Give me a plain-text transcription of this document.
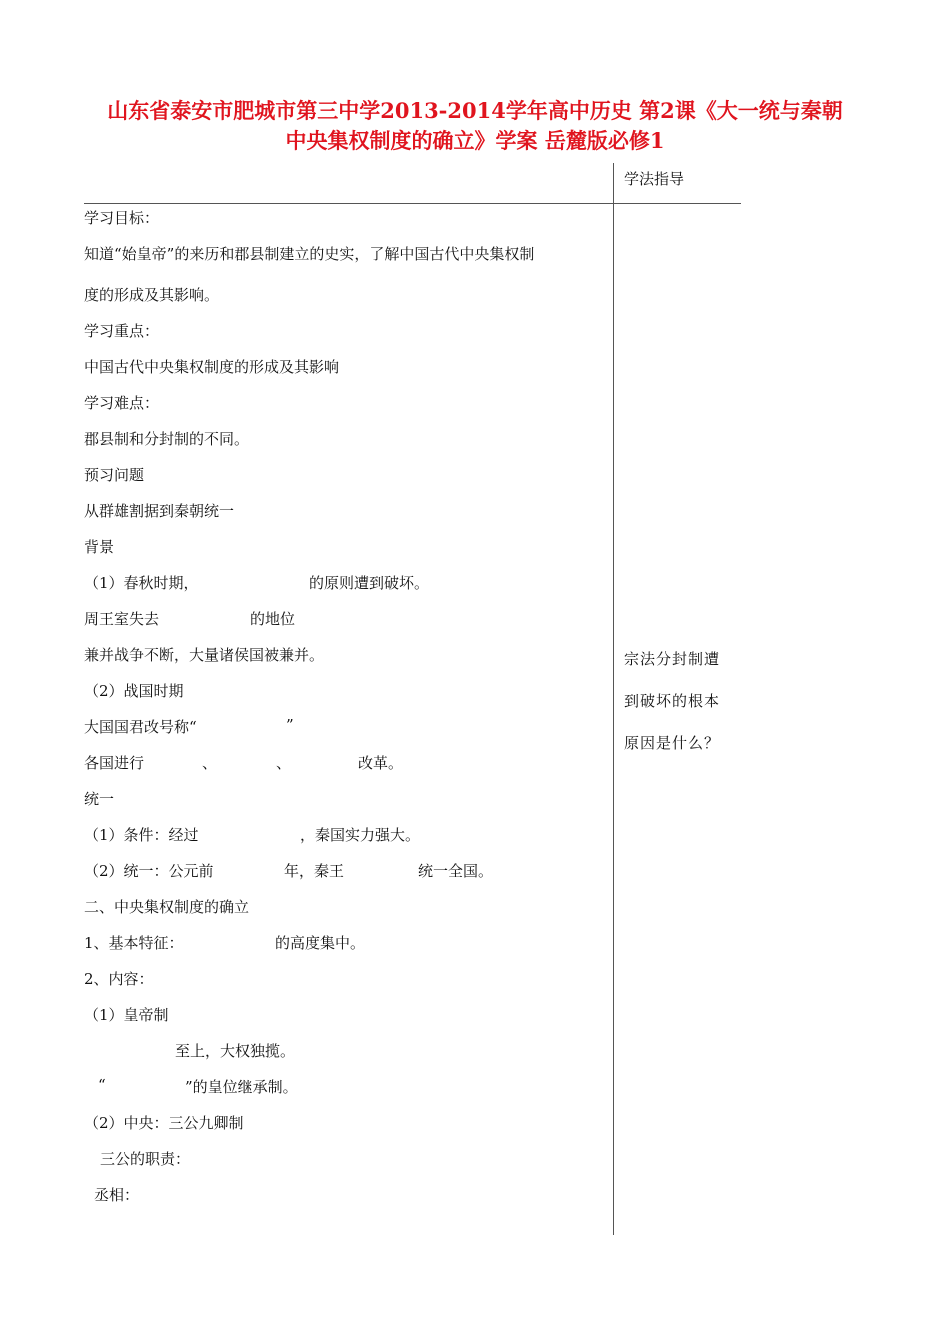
山东省泰安市肥城市第三中学2013-2014学年高中历史 第2课《大一统与秦朝
中央集权制度的确立》学案 岳麓版必修1
学法指导
学习目标：
知道“始皇帝”的来历和郡县制建立的史实，了解中国古代中央集权制
度的形成及其影响。
学习重点：
中国古代中央集权制度的形成及其影响
学习难点：
郡县制和分封制的不同。
预习问题
从群雄割据到秦朝统一
背景
（1）春秋时期，	的原则遭到破坏。
周王室失去	的地位
兼并战争不断，大量诸侯国被兼并。
（2）战国时期
大国国君改号称“	”
各国进行	、	、	改革。
统一
（1）条件：经过	，秦国实力强大。
（2）统一：公元前	年，秦王	统一全国。
二、中央集权制度的确立
1、基本特征：	的高度集中。
2、内容：
（1）皇帝制
至上，大权独揽。
“	”的皇位继承制。
（2）中央：三公九卿制
三公的职责：
丞相：
宗法分封制遭
到破坏的根本
原因是什么？
